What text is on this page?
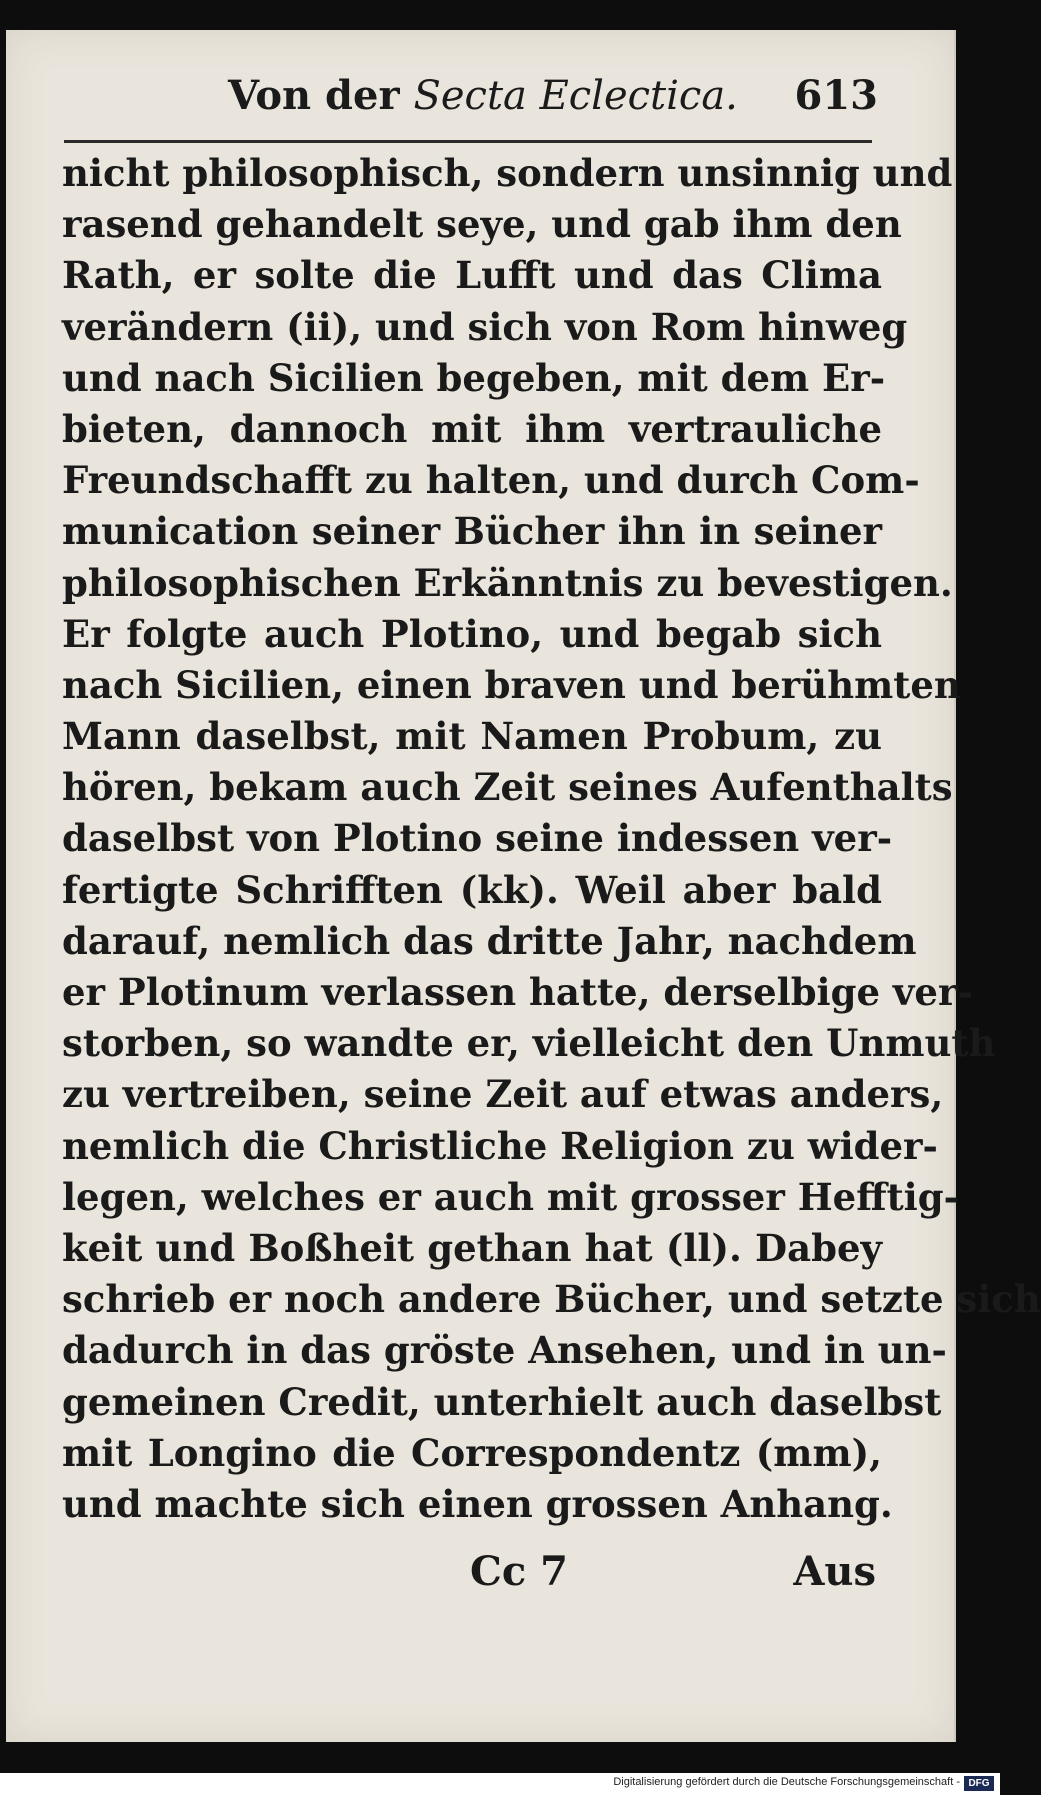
Von der Secta Eclectica. 613
nicht philosophisch, sondern unsinnig und
rasend gehandelt seye, und gab ihm den
Rath, er solte die Lufft und das Clima
verändern (ii), und sich von Rom hinweg
und nach Sicilien begeben, mit dem Er-
bieten, dannoch mit ihm vertrauliche
Freundschafft zu halten, und durch Com-
munication seiner Bücher ihn in seiner
philosophischen Erkänntnis zu bevestigen.
Er folgte auch Plotino, und begab sich
nach Sicilien, einen braven und berühmten
Mann daselbst, mit Namen Probum, zu
hören, bekam auch Zeit seines Aufenthalts
daselbst von Plotino seine indessen ver-
fertigte Schrifften (kk). Weil aber bald
darauf, nemlich das dritte Jahr, nachdem
er Plotinum verlassen hatte, derselbige ver-
storben, so wandte er, vielleicht den Unmuth
zu vertreiben, seine Zeit auf etwas anders,
nemlich die Christliche Religion zu wider-
legen, welches er auch mit grosser Hefftig-
keit und Boßheit gethan hat (ll). Dabey
schrieb er noch andere Bücher, und setzte sich
dadurch in das gröste Ansehen, und in un-
gemeinen Credit, unterhielt auch daselbst
mit Longino die Correspondentz (mm),
und machte sich einen grossen Anhang.
Cc 7	Aus
Digitalisierung gefördert durch die Deutsche Forschungsgemeinschaft - DFG
